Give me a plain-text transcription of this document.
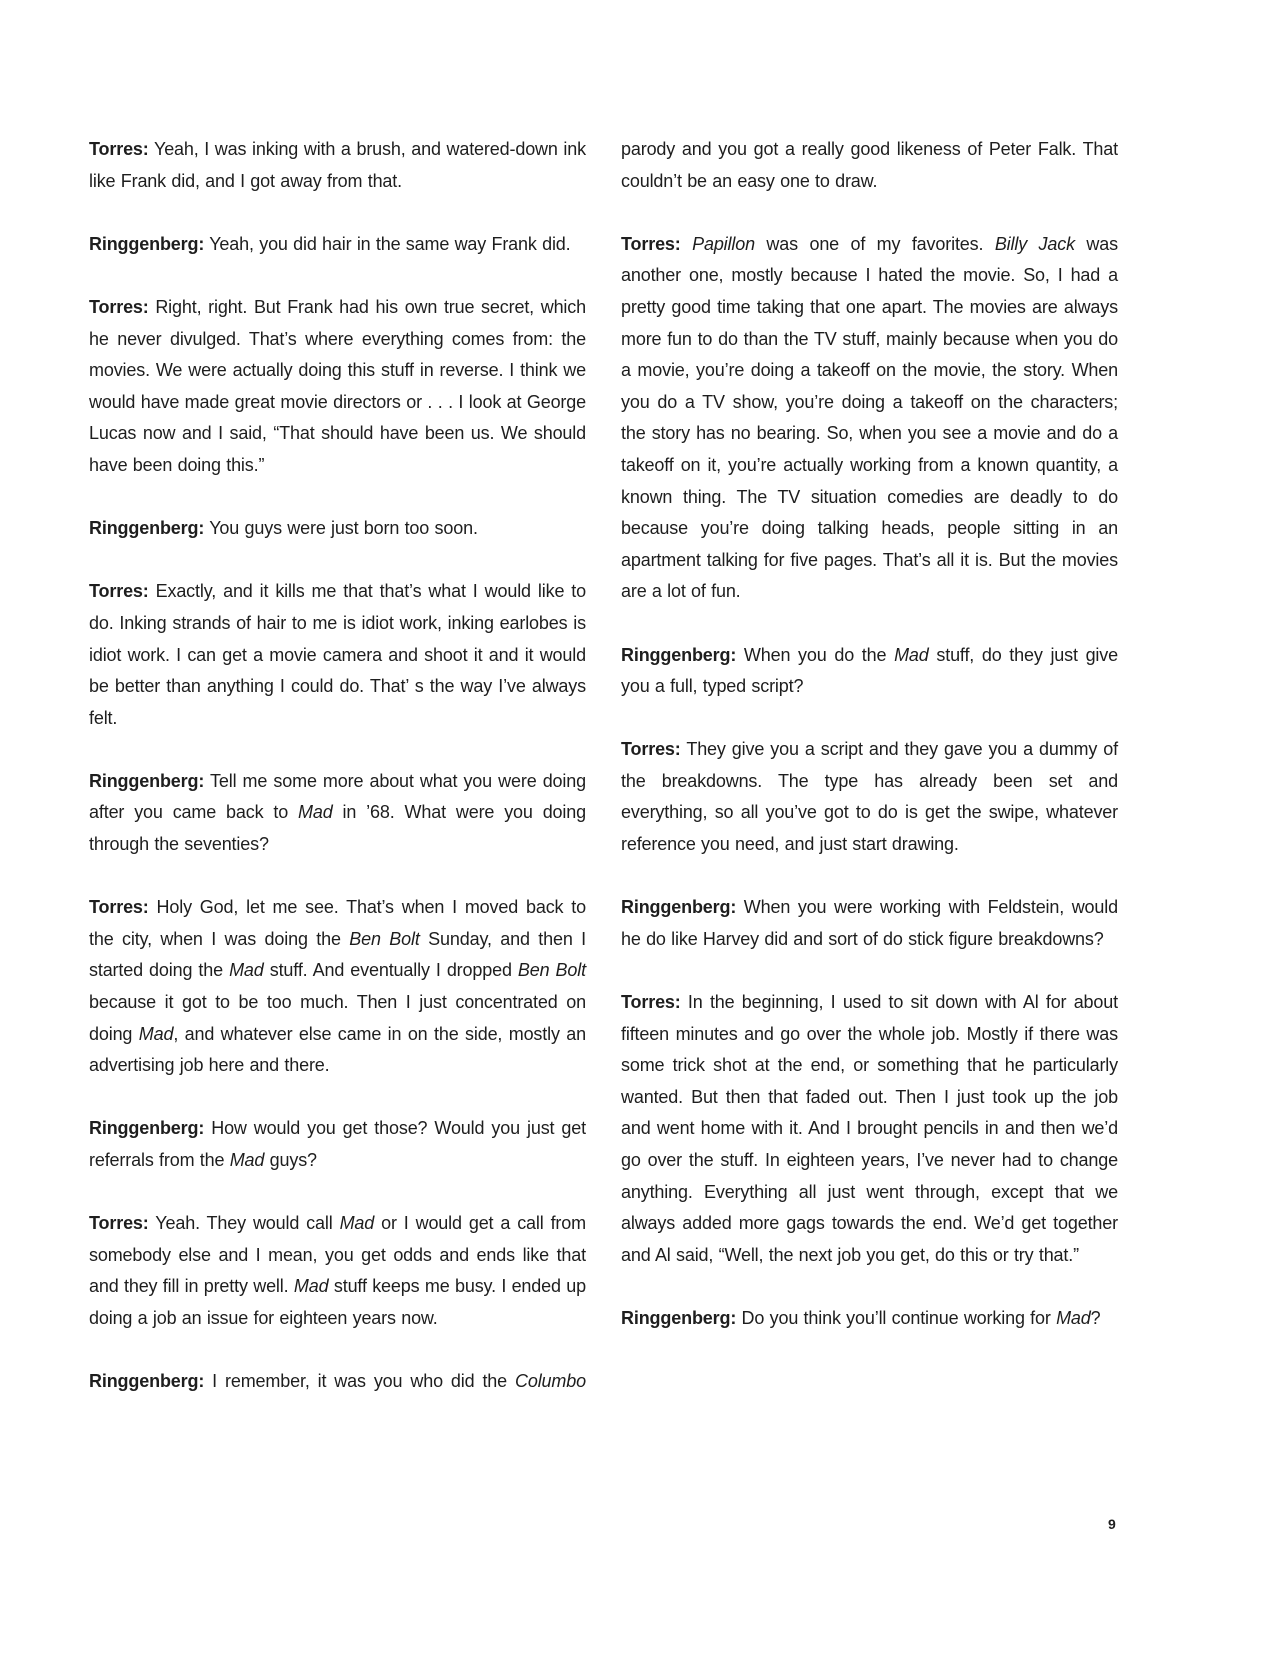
Torres: Yeah, I was inking with a brush, and watered-down ink like Frank did, and I got away from that.

Ringgenberg: Yeah, you did hair in the same way Frank did.

Torres: Right, right. But Frank had his own true secret, which he never divulged. That’s where everything comes from: the movies. We were actually doing this stuff in reverse. I think we would have made great movie directors or . . . I look at George Lucas now and I said, “That should have been us. We should have been doing this.”

Ringgenberg: You guys were just born too soon.

Torres: Exactly, and it kills me that that’s what I would like to do. Inking strands of hair to me is idiot work, inking earlobes is idiot work. I can get a movie camera and shoot it and it would be better than anything I could do. That’ s the way I’ve always felt.

Ringgenberg: Tell me some more about what you were doing after you came back to Mad in ’68. What were you doing through the seventies?

Torres: Holy God, let me see. That’s when I moved back to the city, when I was doing the Ben Bolt Sunday, and then I started doing the Mad stuff. And eventually I dropped Ben Bolt because it got to be too much. Then I just concentrated on doing Mad, and whatever else came in on the side, mostly an advertising job here and there.

Ringgenberg: How would you get those? Would you just get referrals from the Mad guys?

Torres: Yeah. They would call Mad or I would get a call from somebody else and I mean, you get odds and ends like that and they fill in pretty well. Mad stuff keeps me busy. I ended up doing a job an issue for eighteen years now.

Ringgenberg: I remember, it was you who did the Columbo

parody and you got a really good likeness of Peter Falk. That couldn’t be an easy one to draw.

Torres: Papillon was one of my favorites. Billy Jack was another one, mostly because I hated the movie. So, I had a pretty good time taking that one apart. The movies are always more fun to do than the TV stuff, mainly because when you do a movie, you’re doing a takeoff on the movie, the story. When you do a TV show, you’re doing a takeoff on the characters; the story has no bearing. So, when you see a movie and do a takeoff on it, you’re actually working from a known quantity, a known thing. The TV situation comedies are deadly to do because you’re doing talking heads, people sitting in an apartment talking for five pages. That’s all it is. But the movies are a lot of fun.

Ringgenberg: When you do the Mad stuff, do they just give you a full, typed script?

Torres: They give you a script and they gave you a dummy of the breakdowns. The type has already been set and everything, so all you’ve got to do is get the swipe, whatever reference you need, and just start drawing.

Ringgenberg: When you were working with Feldstein, would he do like Harvey did and sort of do stick figure breakdowns?

Torres: In the beginning, I used to sit down with Al for about fifteen minutes and go over the whole job. Mostly if there was some trick shot at the end, or something that he particularly wanted. But then that faded out. Then I just took up the job and went home with it. And I brought pencils in and then we’d go over the stuff. In eighteen years, I’ve never had to change anything. Everything all just went through, except that we always added more gags towards the end. We’d get together and Al said, “Well, the next job you get, do this or try that.”

Ringgenberg: Do you think you’ll continue working for Mad?

9
